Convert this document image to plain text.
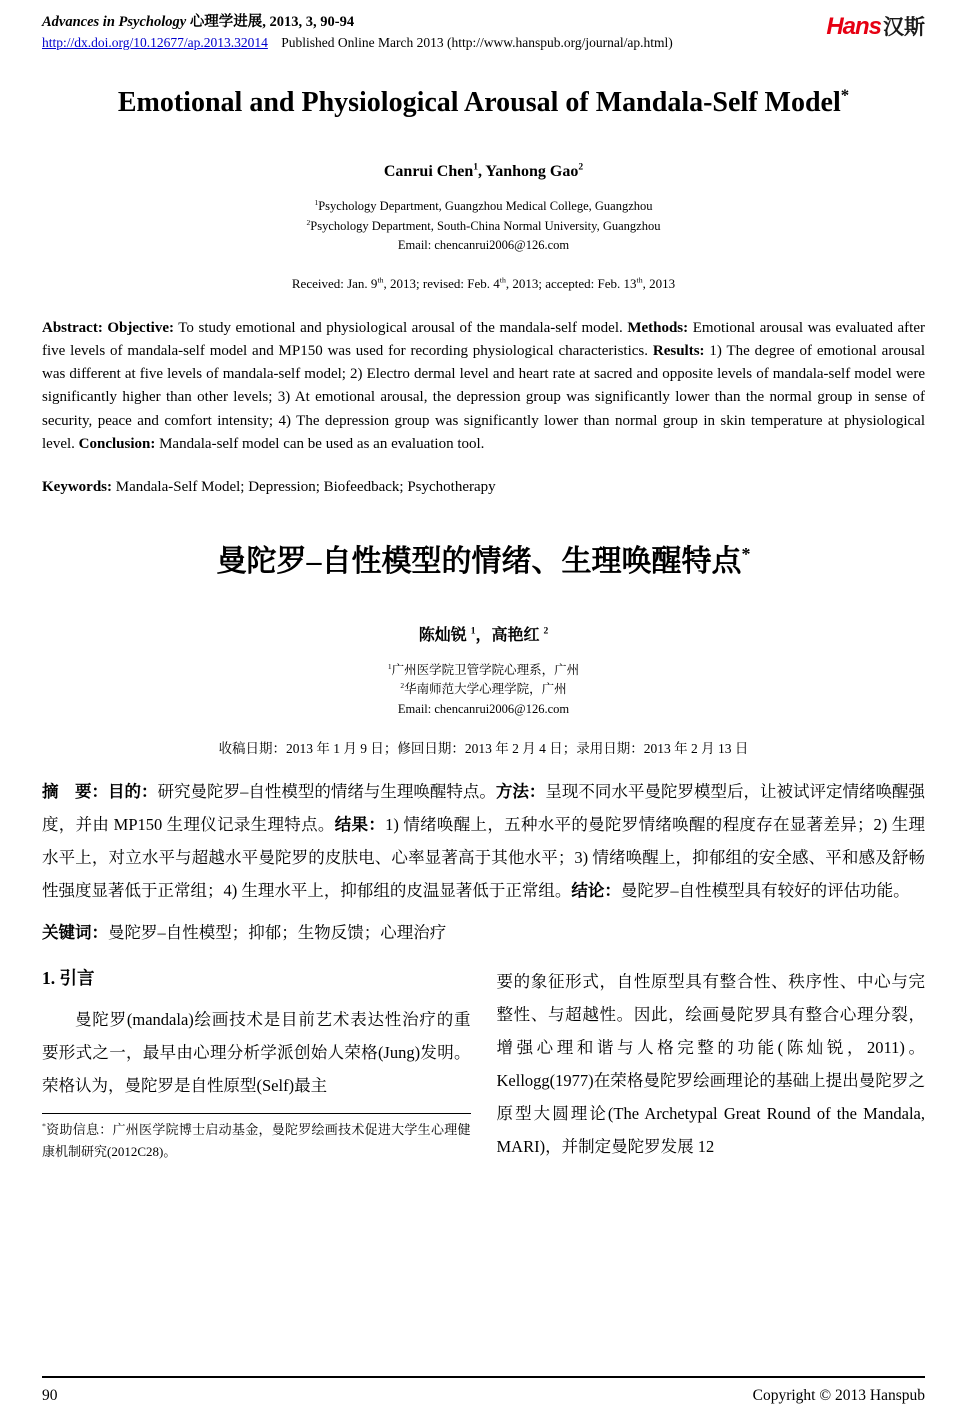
Advances in Psychology 心理学进展, 2013, 3, 90-94
http://dx.doi.org/10.12677/ap.2013.32014 Published Online March 2013 (http://www.hanspub.org/journal/ap.html)
Hans汉斯
Emotional and Physiological Arousal of Mandala-Self Model*
Canrui Chen$^1$, Yanhong Gao$^2$
$^1$Psychology Department, Guangzhou Medical College, Guangzhou
$^2$Psychology Department, South-China Normal University, Guangzhou
Email: chencanrui2006@126.com
Received: Jan. 9th, 2013; revised: Feb. 4th, 2013; accepted: Feb. 13th, 2013

Abstract: Objective: To study emotional and physiological arousal of the mandala-self model. Methods: Emotional arousal was evaluated after five levels of mandala-self model and MP150 was used for recording physiological characteristics. Results: 1) The degree of emotional arousal was different at five levels of mandala-self model; 2) Electro dermal level and heart rate at sacred and opposite levels of mandala-self model were significantly higher than other levels; 3) At emotional arousal, the depression group was significantly lower than the normal group in sense of security, peace and comfort intensity; 4) The depression group was significantly lower than normal group in skin temperature at physiological level. Conclusion: Mandala-self model can be used as an evaluation tool.

Keywords: Mandala-Self Model; Depression; Biofeedback; Psychotherapy

曼陀罗–自性模型的情绪、生理唤醒特点*
陈灿锐 $^1$，高艳红 $^2$
$^1$广州医学院卫管学院心理系，广州
$^2$华南师范大学心理学院，广州
Email: chencanrui2006@126.com
收稿日期：2013 年 1 月 9 日；修回日期：2013 年 2 月 4 日；录用日期：2013 年 2 月 13 日

摘　要：目的：研究曼陀罗–自性模型的情绪与生理唤醒特点。方法：呈现不同水平曼陀罗模型后，让被试评定情绪唤醒强度，并由 MP150 生理仪记录生理特点。结果：1) 情绪唤醒上，五种水平的曼陀罗情绪唤醒的程度存在显著差异；2) 生理水平上，对立水平与超越水平曼陀罗的皮肤电、心率显著高于其他水平；3) 情绪唤醒上，抑郁组的安全感、平和感及舒畅性强度显著低于正常组；4) 生理水平上，抑郁组的皮温显著低于正常组。结论：曼陀罗–自性模型具有较好的评估功能。

关键词：曼陀罗–自性模型；抑郁；生物反馈；心理治疗

1. 引言

曼陀罗(mandala)绘画技术是目前艺术表达性治疗的重要形式之一，最早由心理分析学派创始人荣格(Jung)发明。荣格认为，曼陀罗是自性原型(Self)最主

*资助信息：广州医学院博士启动基金，曼陀罗绘画技术促进大学生心理健康机制研究(2012C28)。

要的象征形式，自性原型具有整合性、秩序性、中心与完整性、与超越性。因此，绘画曼陀罗具有整合心理分裂，增强心理和谐与人格完整的功能(陈灿锐，2011)。Kellogg(1977)在荣格曼陀罗绘画理论的基础上提出曼陀罗之原型大圆理论(The Archetypal Great Round of the Mandala, MARI)，并制定曼陀罗发展 12

90	Copyright © 2013 Hanspub
